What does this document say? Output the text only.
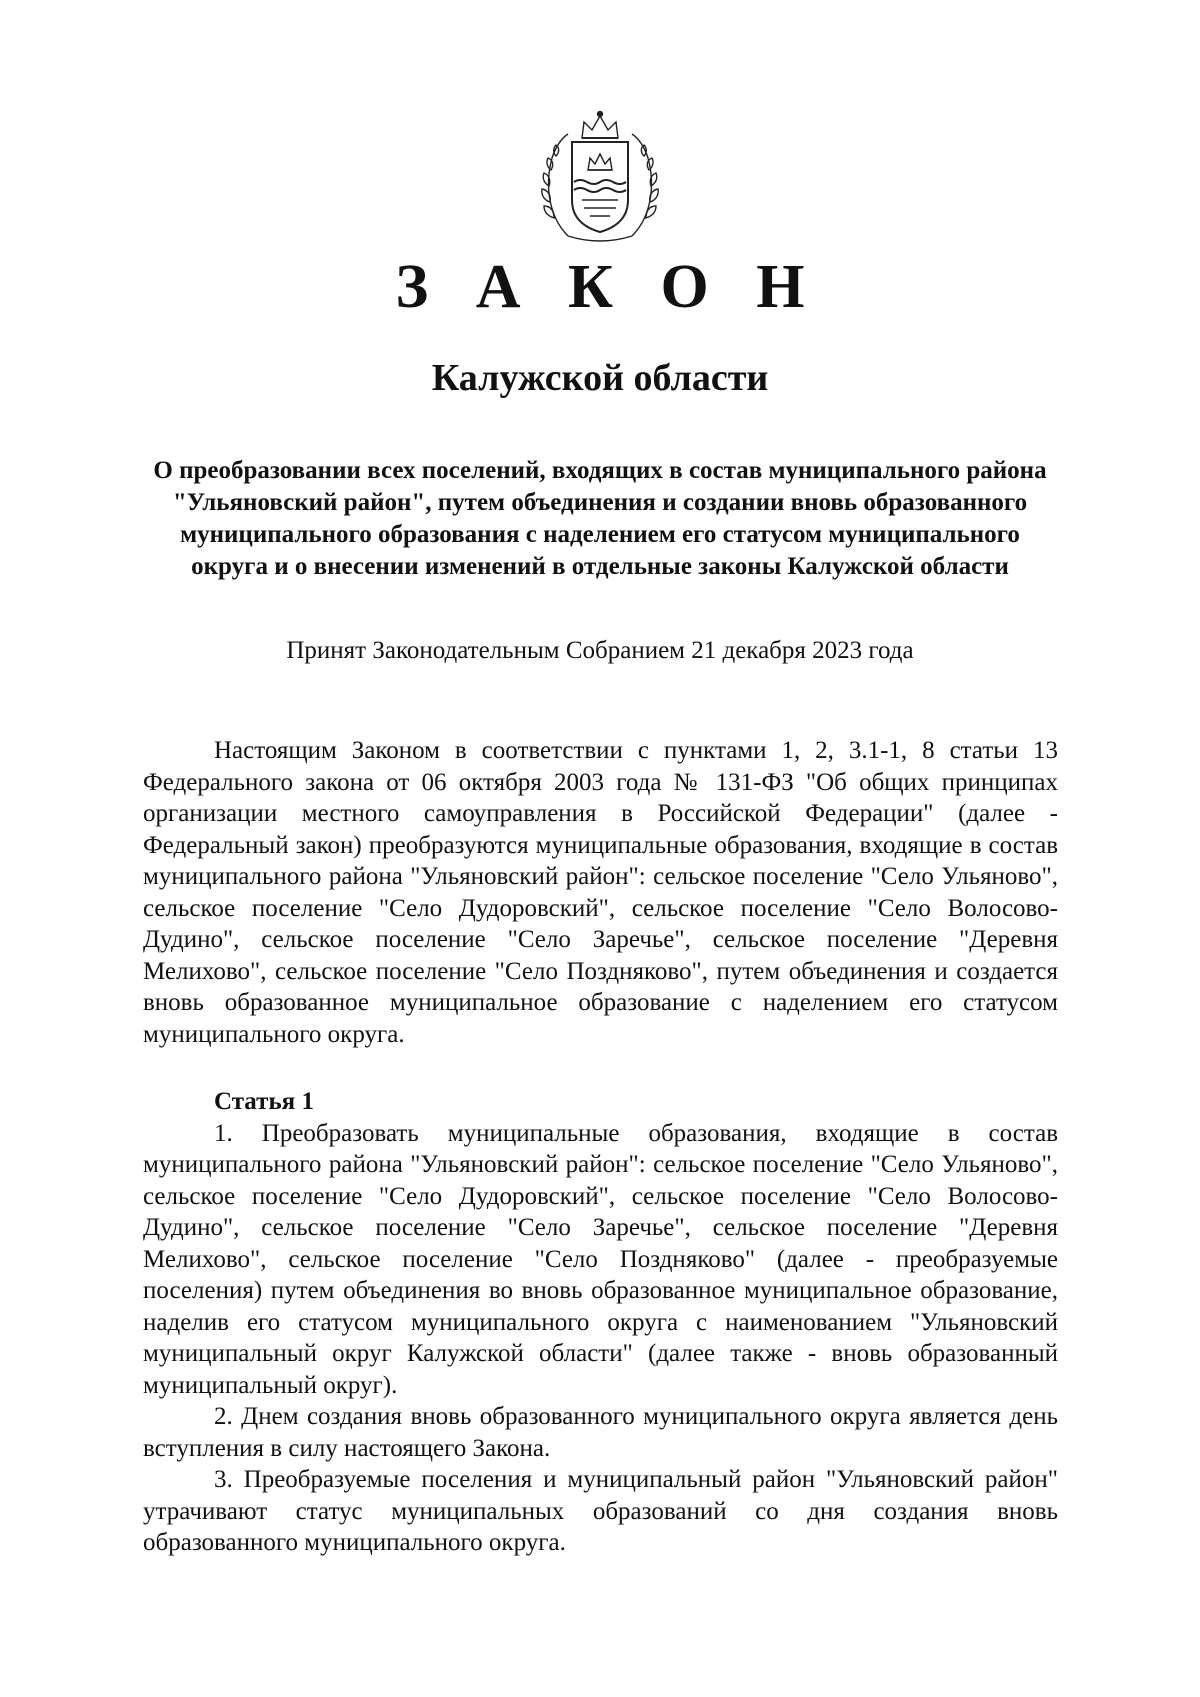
З А К О Н
Калужской области
О преобразовании всех поселений, входящих в состав муниципального района
"Ульяновский район", путем объединения и создании вновь образованного
муниципального образования с наделением его статусом муниципального
округа и о внесении изменений в отдельные законы Калужской области

Принят Законодательным Собранием 21 декабря 2023 года

Настоящим Законом в соответствии с пунктами 1, 2, 3.1-1, 8 статьи 13 Федерального закона от 06 октября 2003 года № 131-ФЗ "Об общих принципах организации местного самоуправления в Российской Федерации" (далее - Федеральный закон) преобразуются муниципальные образования, входящие в состав муниципального района "Ульяновский район": сельское поселение "Село Ульяново", сельское поселение "Село Дудоровский", сельское поселение "Село Волосово-Дудино", сельское поселение "Село Заречье", сельское поселение "Деревня Мелихово", сельское поселение "Село Поздняково", путем объединения и создается вновь образованное муниципальное образование с наделением его статусом муниципального округа.

Статья 1

1. Преобразовать муниципальные образования, входящие в состав муниципального района "Ульяновский район": сельское поселение "Село Ульяново", сельское поселение "Село Дудоровский", сельское поселение "Село Волосово-Дудино", сельское поселение "Село Заречье", сельское поселение "Деревня Мелихово", сельское поселение "Село Поздняково" (далее - преобразуемые поселения) путем объединения во вновь образованное муниципальное образование, наделив его статусом муниципального округа с наименованием "Ульяновский муниципальный округ Калужской области" (далее также - вновь образованный муниципальный округ).

2. Днем создания вновь образованного муниципального округа является день вступления в силу настоящего Закона.

3. Преобразуемые поселения и муниципальный район "Ульяновский район" утрачивают статус муниципальных образований со дня создания вновь образованного муниципального округа.
